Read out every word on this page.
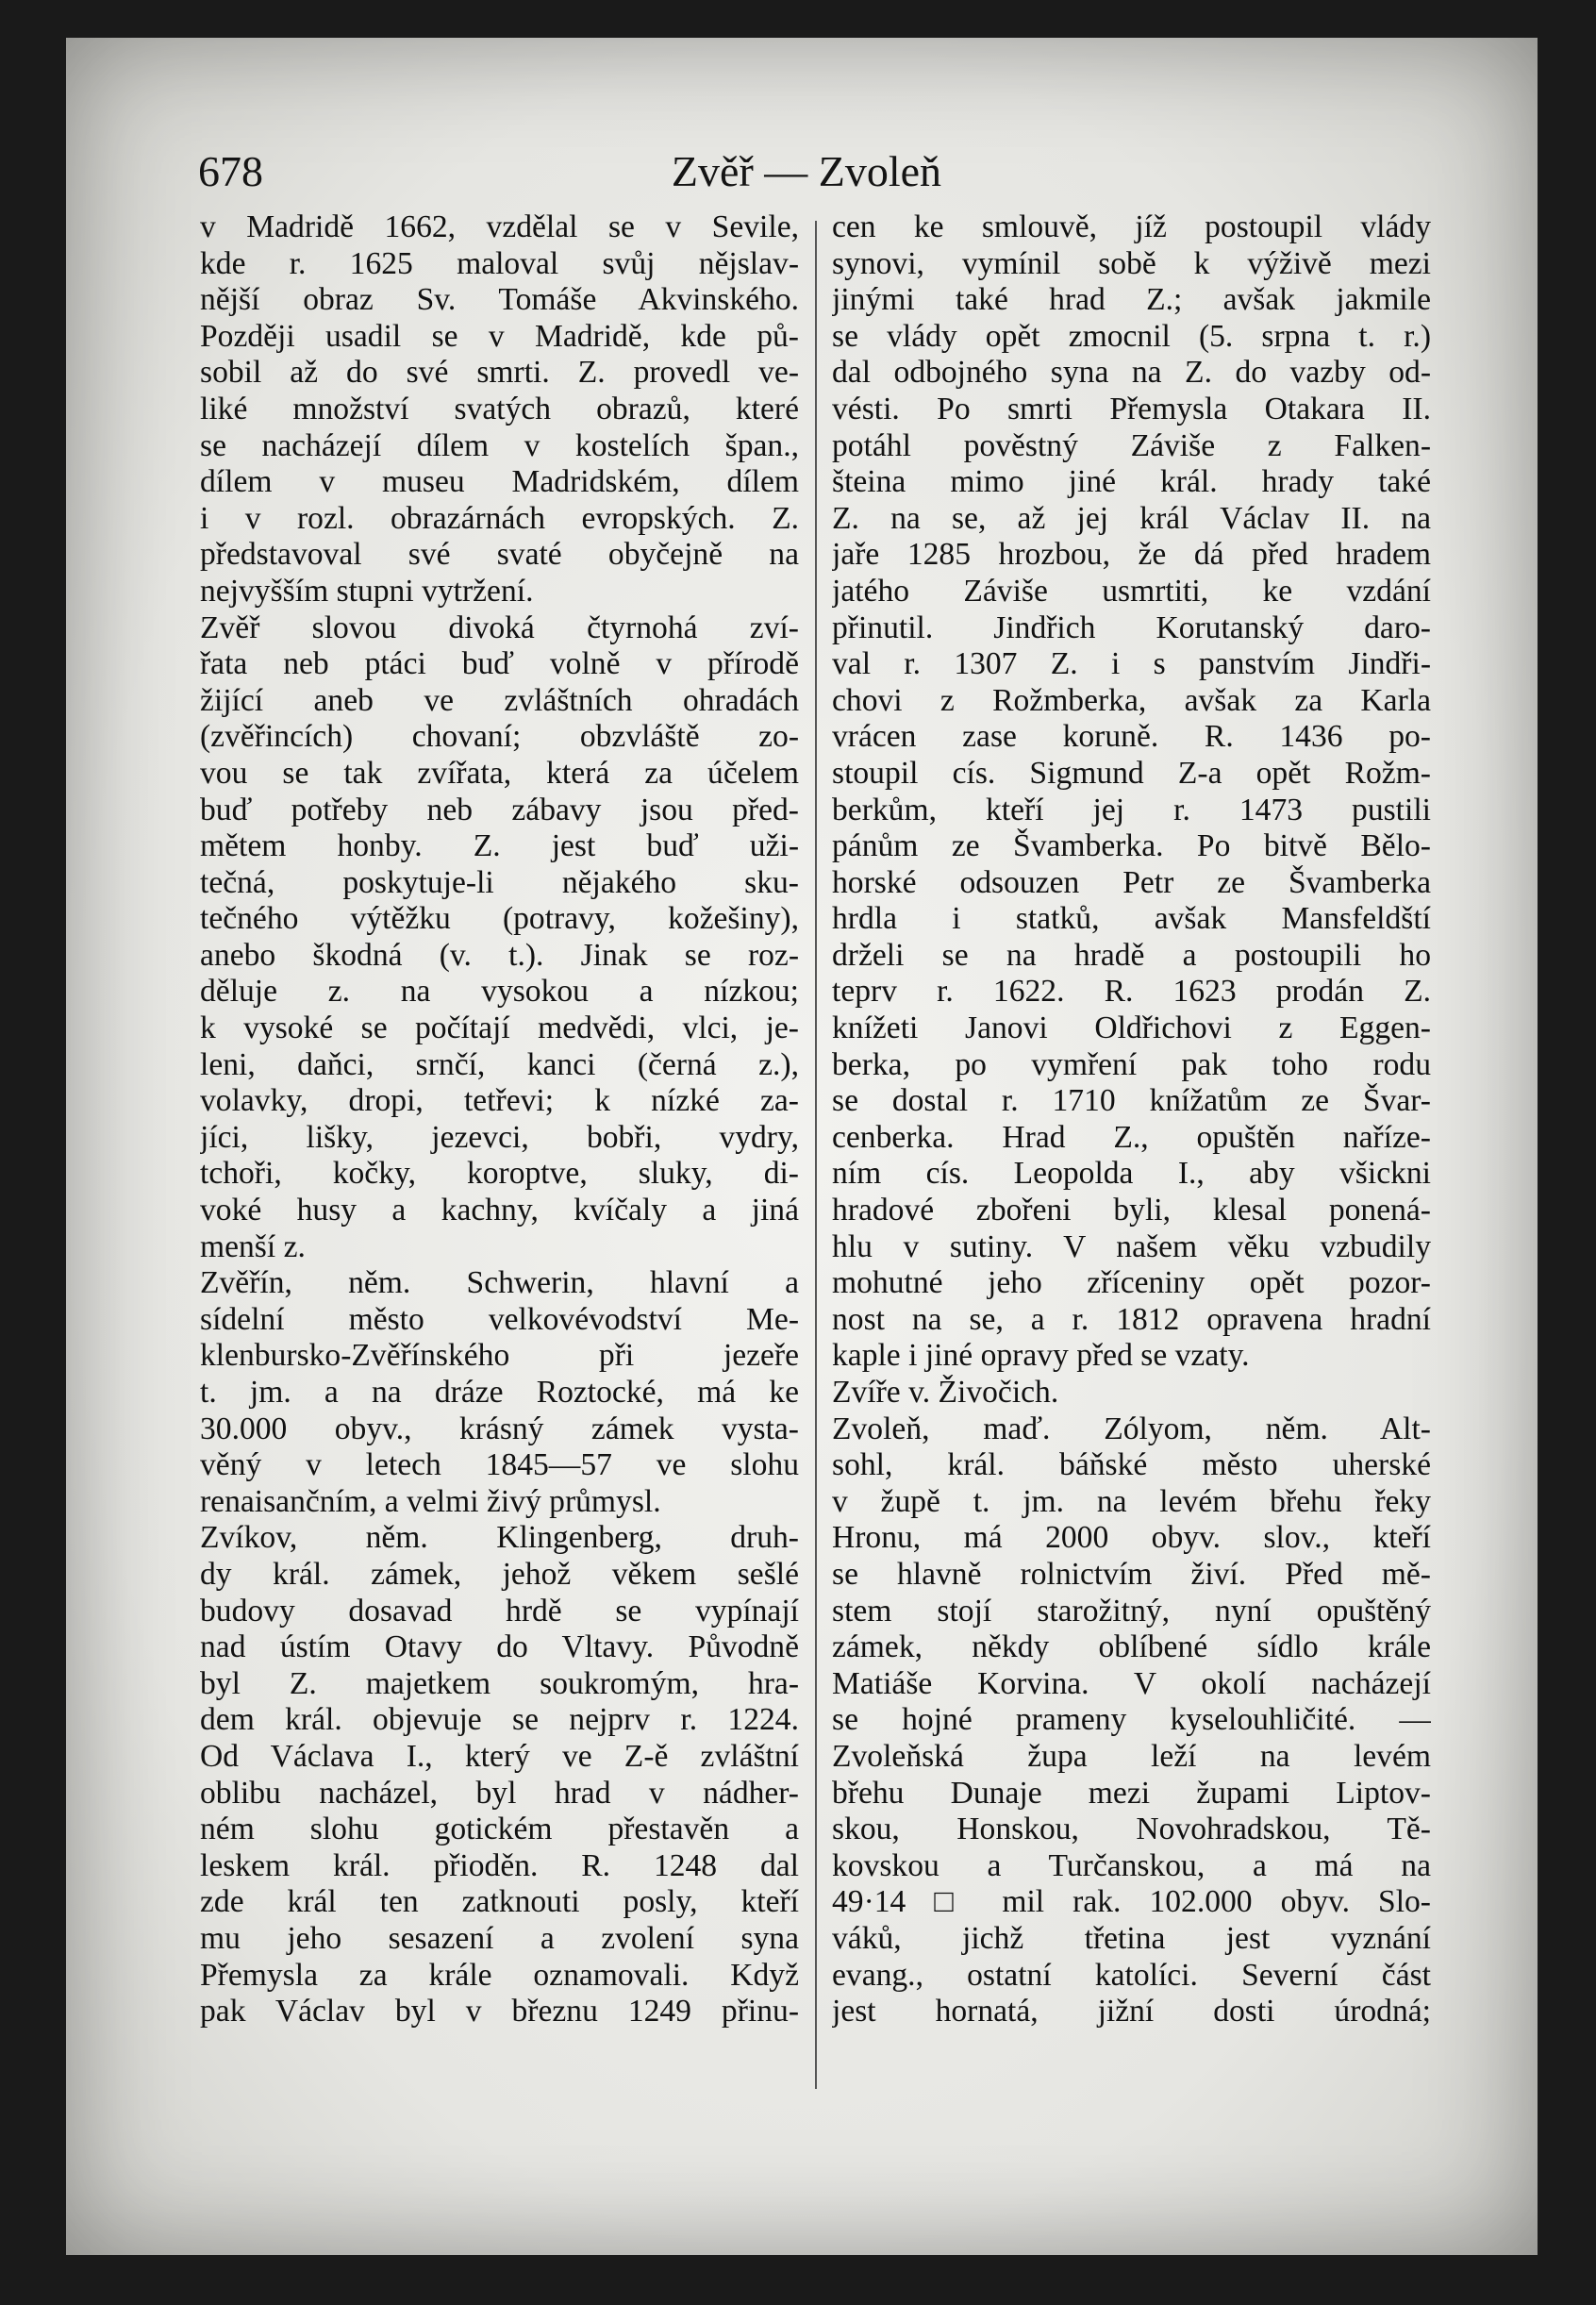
678	Zvěř — Zvoleň
v Madridě 1662, vzdělal se v Sevile,
kde r. 1625 maloval svůj nějslav-
nější obraz Sv. Tomáše Akvinského.
Později usadil se v Madridě, kde pů-
sobil až do své smrti. Z. provedl ve-
liké množství svatých obrazů, které
se nacházejí dílem v kostelích špan.,
dílem v museu Madridském, dílem
i v rozl. obrazárnách evropských. Z.
představoval své svaté obyčejně na
nejvyšším stupni vytržení.
Zvěř slovou divoká čtyrnohá zví-
řata neb ptáci buď volně v přírodě
žijící aneb ve zvláštních ohradách
(zvěřincích) chovaní; obzvláště zo-
vou se tak zvířata, která za účelem
buď potřeby neb zábavy jsou před-
mětem honby. Z. jest buď uži-
tečná, poskytuje-li nějakého sku-
tečného výtěžku (potravy, kožešiny),
anebo škodná (v. t.). Jinak se roz-
děluje z. na vysokou a nízkou;
k vysoké se počítají medvědi, vlci, je-
leni, daňci, srnčí, kanci (černá z.),
volavky, dropi, tetřevi; k nízké za-
jíci, lišky, jezevci, bobři, vydry,
tchoři, kočky, koroptve, sluky, di-
voké husy a kachny, kvíčaly a jiná
menší z.
Zvěřín, něm. Schwerin, hlavní a
sídelní město velkovévodství Me-
klenbursko-Zvěřínského při jezeře
t. jm. a na dráze Roztocké, má ke
30.000 obyv., krásný zámek vysta-
věný v letech 1845—57 ve slohu
renaisančním, a velmi živý průmysl.
Zvíkov, něm. Klingenberg, druh-
dy král. zámek, jehož věkem sešlé
budovy dosavad hrdě se vypínají
nad ústím Otavy do Vltavy. Původně
byl Z. majetkem soukromým, hra-
dem král. objevuje se nejprv r. 1224.
Od Václava I., který ve Z-ě zvláštní
oblibu nacházel, byl hrad v nádher-
ném slohu gotickém přestavěn a
leskem král. přioděn. R. 1248 dal
zde král ten zatknouti posly, kteří
mu jeho sesazení a zvolení syna
Přemysla za krále oznamovali. Když
pak Václav byl v březnu 1249 přinu-
cen ke smlouvě, jíž postoupil vlády
synovi, vymínil sobě k výživě mezi
jinými také hrad Z.; avšak jakmile
se vlády opět zmocnil (5. srpna t. r.)
dal odbojného syna na Z. do vazby od-
vésti. Po smrti Přemysla Otakara II.
potáhl pověstný Záviše z Falken-
šteina mimo jiné král. hrady také
Z. na se, až jej král Václav II. na
jaře 1285 hrozbou, že dá před hradem
jatého Záviše usmrtiti, ke vzdání
přinutil. Jindřich Korutanský daro-
val r. 1307 Z. i s panstvím Jindři-
chovi z Rožmberka, avšak za Karla
vrácen zase koruně. R. 1436 po-
stoupil cís. Sigmund Z-a opět Rožm-
berkům, kteří jej r. 1473 pustili
pánům ze Švamberka. Po bitvě Bělo-
horské odsouzen Petr ze Švamberka
hrdla i statků, avšak Mansfeldští
drželi se na hradě a postoupili ho
teprv r. 1622. R. 1623 prodán Z.
knížeti Janovi Oldřichovi z Eggen-
berka, po vymření pak toho rodu
se dostal r. 1710 knížatům ze Švar-
cenberka. Hrad Z., opuštěn naříze-
ním cís. Leopolda I., aby všickni
hradové zbořeni byli, klesal ponená-
hlu v sutiny. V našem věku vzbudily
mohutné jeho zříceniny opět pozor-
nost na se, a r. 1812 opravena hradní
kaple i jiné opravy před se vzaty.
Zvíře v. Živočich.
Zvoleň, maď. Zólyom, něm. Alt-
sohl, král. báňské město uherské
v župě t. jm. na levém břehu řeky
Hronu, má 2000 obyv. slov., kteří
se hlavně rolnictvím živí. Před mě-
stem stojí starožitný, nyní opuštěný
zámek, někdy oblíbené sídlo krále
Matiáše Korvina. V okolí nacházejí
se hojné prameny kyselouhličité. —
Zvoleňská župa leží na levém
břehu Dunaje mezi župami Liptov-
skou, Honskou, Novohradskou, Tě-
kovskou a Turčanskou, a má na
49·14 □ mil rak. 102.000 obyv. Slo-
váků, jichž třetina jest vyznání
evang., ostatní katolíci. Severní část
jest hornatá, jižní dosti úrodná;
